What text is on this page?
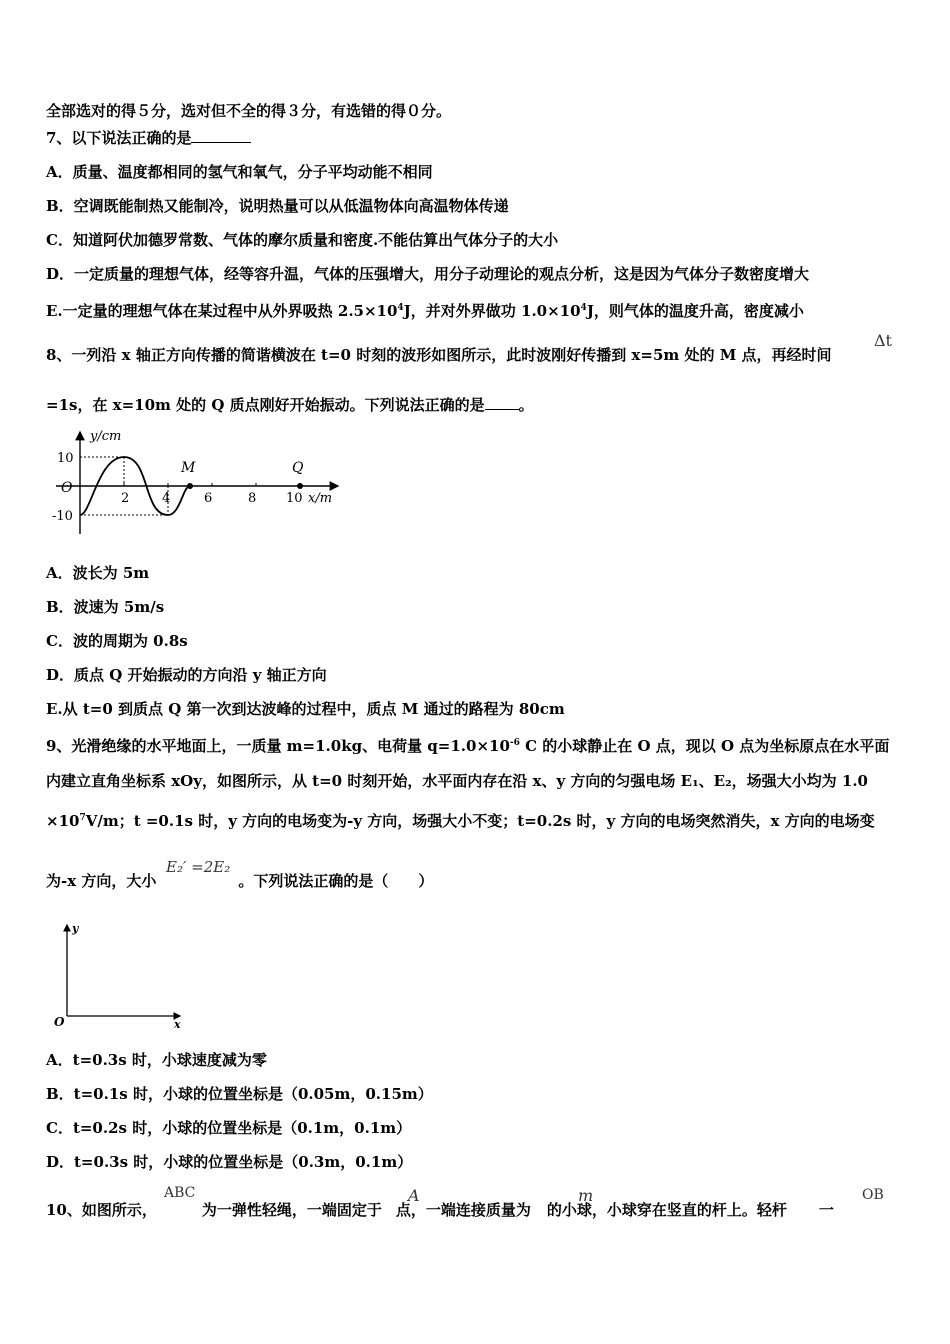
全部选对的得５分，选对但不全的得３分，有选错的得０分。
7、以下说法正确的是
A．质量、温度都相同的氢气和氧气，分子平均动能不相同
B．空调既能制热又能制冷，说明热量可以从低温物体向高温物体传递
C．知道阿伏加德罗常数、气体的摩尔质量和密度.不能估算出气体分子的大小
D．一定质量的理想气体，经等容升温，气体的压强增大，用分子动理论的观点分析，这是因为气体分子数密度增大
E.一定量的理想气体在某过程中从外界吸热 $2.5\times 10^4J$，并对外界做功 $1.0\times 10^4J$，则气体的温度升高，密度减小
8、一列沿 x 轴正方向传播的简谐横波在 t=0 时刻的波形如图所示，此时波刚好传播到 x=5m 处的 M 点，再经时间
Δt
=1s，在 x=10m 处的 Q 质点刚好开始振动。下列说法正确的是 。
y/cm
10
-10
O
2	4	6	8 10 x/m
M	Q
A．波长为 5m
B．波速为 5m/s
C．波的周期为 0.8s
D．质点 Q 开始振动的方向沿 y 轴正方向
E.从 t=0 到质点 Q 第一次到达波峰的过程中，质点 M 通过的路程为 80cm
9、光滑绝缘的水平地面上，一质量 m=1.0kg、电荷量 $q=1.0\times 10^{-6}$ C 的小球静止在 O 点，现以 O 点为坐标原点在水平面
内建立直角坐标系 xOy，如图所示，从 t=0 时刻开始，水平面内存在沿 x、y 方向的匀强电场 E₁、E₂，场强大小均为 1.0
$\times 10^7V/m$；t =0.1s 时，y 方向的电场变为-y 方向，场强大小不变；t=0.2s 时，y 方向的电场突然消失，x 方向的电场变
为-x 方向，大小	。下列说法正确的是（　　）
E₂′ =2E₂
y
x
O
A．t=0.3s 时，小球速度减为零
B．t=0.1s 时，小球的位置坐标是（0.05m，0.15m）
C．t=0.2s 时，小球的位置坐标是（0.1m，0.1m）
D．t=0.3s 时，小球的位置坐标是（0.3m，0.1m）
10、如图所示，	为一弹性轻绳，一端固定于 点，一端连接质量为 的小球，小球穿在竖直的杆上。轻杆 一
ABC	A	m	OB
